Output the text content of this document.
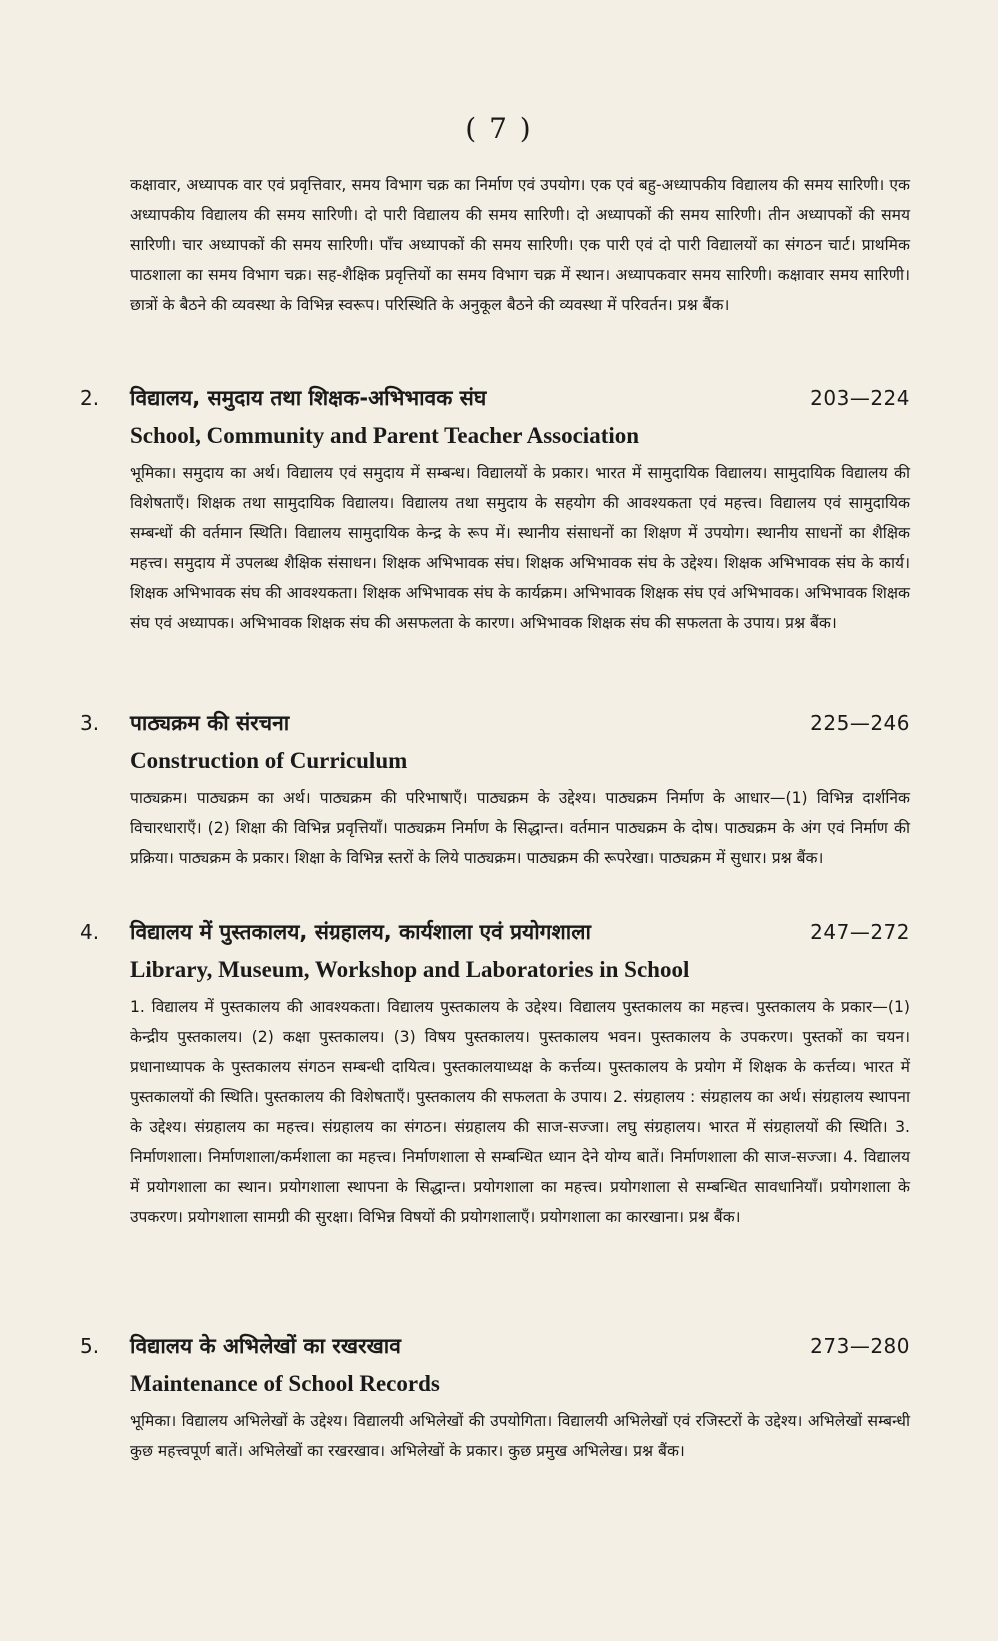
( 7 )

कक्षावार, अध्यापक वार एवं प्रवृत्तिवार, समय विभाग चक्र का निर्माण एवं उपयोग। एक एवं बहु-अध्यापकीय विद्यालय की समय सारिणी। एक अध्यापकीय विद्यालय की समय सारिणी। दो पारी विद्यालय की समय सारिणी। दो अध्यापकों की समय सारिणी। तीन अध्यापकों की समय सारिणी। चार अध्यापकों की समय सारिणी। पाँच अध्यापकों की समय सारिणी। एक पारी एवं दो पारी विद्यालयों का संगठन चार्ट। प्राथमिक पाठशाला का समय विभाग चक्र। सह-शैक्षिक प्रवृत्तियों का समय विभाग चक्र में स्थान। अध्यापकवार समय सारिणी। कक्षावार समय सारिणी। छात्रों के बैठने की व्यवस्था के विभिन्न स्वरूप। परिस्थिति के अनुकूल बैठने की व्यवस्था में परिवर्तन। प्रश्न बैंक।

2. विद्यालय, समुदाय तथा शिक्षक-अभिभावक संघ	203—224
School, Community and Parent Teacher Association

भूमिका। समुदाय का अर्थ। विद्यालय एवं समुदाय में सम्बन्ध। विद्यालयों के प्रकार। भारत में सामुदायिक विद्यालय। सामुदायिक विद्यालय की विशेषताएँ। शिक्षक तथा सामुदायिक विद्यालय। विद्यालय तथा समुदाय के सहयोग की आवश्यकता एवं महत्त्व। विद्यालय एवं सामुदायिक सम्बन्धों की वर्तमान स्थिति। विद्यालय सामुदायिक केन्द्र के रूप में। स्थानीय संसाधनों का शिक्षण में उपयोग। स्थानीय साधनों का शैक्षिक महत्त्व। समुदाय में उपलब्ध शैक्षिक संसाधन। शिक्षक अभिभावक संघ। शिक्षक अभिभावक संघ के उद्देश्य। शिक्षक अभिभावक संघ के कार्य। शिक्षक अभिभावक संघ की आवश्यकता। शिक्षक अभिभावक संघ के कार्यक्रम। अभिभावक शिक्षक संघ एवं अभिभावक। अभिभावक शिक्षक संघ एवं अध्यापक। अभिभावक शिक्षक संघ की असफलता के कारण। अभिभावक शिक्षक संघ की सफलता के उपाय। प्रश्न बैंक।

3. पाठ्यक्रम की संरचना	225—246
Construction of Curriculum

पाठ्यक्रम। पाठ्यक्रम का अर्थ। पाठ्यक्रम की परिभाषाएँ। पाठ्यक्रम के उद्देश्य। पाठ्यक्रम निर्माण के आधार—(1) विभिन्न दार्शनिक विचारधाराएँ। (2) शिक्षा की विभिन्न प्रवृत्तियाँ। पाठ्यक्रम निर्माण के सिद्धान्त। वर्तमान पाठ्यक्रम के दोष। पाठ्यक्रम के अंग एवं निर्माण की प्रक्रिया। पाठ्यक्रम के प्रकार। शिक्षा के विभिन्न स्तरों के लिये पाठ्यक्रम। पाठ्यक्रम की रूपरेखा। पाठ्यक्रम में सुधार। प्रश्न बैंक।

4. विद्यालय में पुस्तकालय, संग्रहालय, कार्यशाला एवं प्रयोगशाला	247—272
Library, Museum, Workshop and Laboratories in School

1. विद्यालय में पुस्तकालय की आवश्यकता। विद्यालय पुस्तकालय के उद्देश्य। विद्यालय पुस्तकालय का महत्त्व। पुस्तकालय के प्रकार—(1) केन्द्रीय पुस्तकालय। (2) कक्षा पुस्तकालय। (3) विषय पुस्तकालय। पुस्तकालय भवन। पुस्तकालय के उपकरण। पुस्तकों का चयन। प्रधानाध्यापक के पुस्तकालय संगठन सम्बन्धी दायित्व। पुस्तकालयाध्यक्ष के कर्त्तव्य। पुस्तकालय के प्रयोग में शिक्षक के कर्त्तव्य। भारत में पुस्तकालयों की स्थिति। पुस्तकालय की विशेषताएँ। पुस्तकालय की सफलता के उपाय। 2. संग्रहालय : संग्रहालय का अर्थ। संग्रहालय स्थापना के उद्देश्य। संग्रहालय का महत्त्व। संग्रहालय का संगठन। संग्रहालय की साज-सज्जा। लघु संग्रहालय। भारत में संग्रहालयों की स्थिति। 3. निर्माणशाला। निर्माणशाला/कर्मशाला का महत्त्व। निर्माणशाला से सम्बन्धित ध्यान देने योग्य बातें। निर्माणशाला की साज-सज्जा। 4. विद्यालय में प्रयोगशाला का स्थान। प्रयोगशाला स्थापना के सिद्धान्त। प्रयोगशाला का महत्त्व। प्रयोगशाला से सम्बन्धित सावधानियाँ। प्रयोगशाला के उपकरण। प्रयोगशाला सामग्री की सुरक्षा। विभिन्न विषयों की प्रयोगशालाएँ। प्रयोगशाला का कारखाना। प्रश्न बैंक।

5. विद्यालय के अभिलेखों का रखरखाव	273—280
Maintenance of School Records

भूमिका। विद्यालय अभिलेखों के उद्देश्य। विद्यालयी अभिलेखों की उपयोगिता। विद्यालयी अभिलेखों एवं रजिस्टरों के उद्देश्य। अभिलेखों सम्बन्धी कुछ महत्त्वपूर्ण बातें। अभिलेखों का रखरखाव। अभिलेखों के प्रकार। कुछ प्रमुख अभिलेख। प्रश्न बैंक।
